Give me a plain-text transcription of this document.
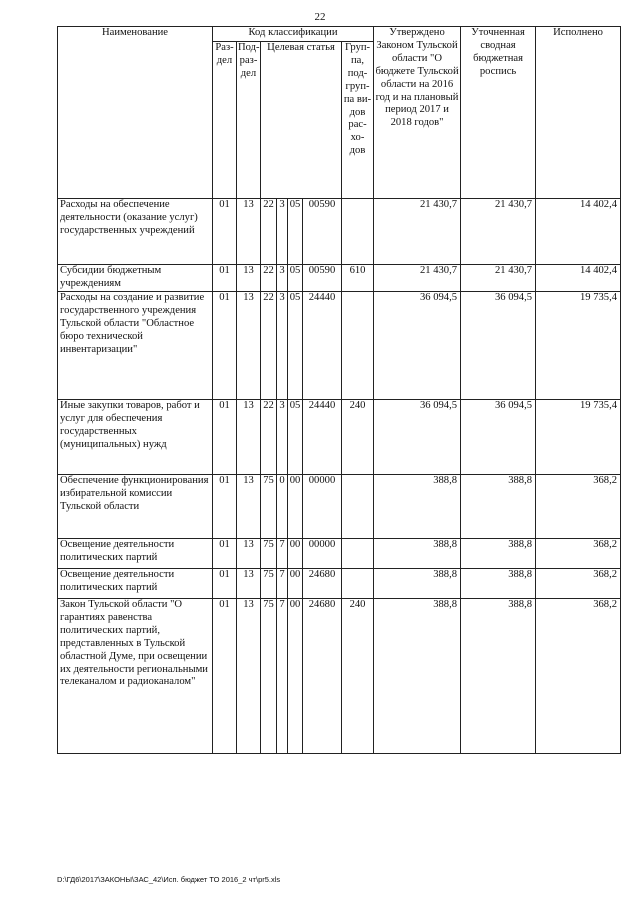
22
Наименование	Код классификации							Утверждено Законом Тульской области "О бюджете Тульской области на 2016 год и на плановый период 2017 и 2018 годов"	Уточненная сводная бюджетная роспись	Исполнено
	Раз-дел	Под-раз-дел	Целевая статья				Груп-па, под-груп-па ви-дов рас-хо-дов			
Расходы на обеспечение деятельности (оказание услуг) государственных учреждений	01	13	22	3	05	00590		21 430,7	21 430,7	14 402,4
Субсидии бюджетным учреждениям	01	13	22	3	05	00590	610	21 430,7	21 430,7	14 402,4
Расходы на создание и развитие государственного учреждения Тульской области "Областное бюро технической инвентаризации"	01	13	22	3	05	24440		36 094,5	36 094,5	19 735,4
Иные закупки товаров, работ и услуг для обеспечения государственных (муниципальных) нужд	01	13	22	3	05	24440	240	36 094,5	36 094,5	19 735,4
Обеспечение функционирования избирательной комиссии Тульской области	01	13	75	0	00	00000		388,8	388,8	368,2
Освещение деятельности политических партий	01	13	75	7	00	00000		388,8	388,8	368,2
Освещение деятельности политических партий	01	13	75	7	00	24680		388,8	388,8	368,2
Закон Тульской области "О гарантиях равенства политических партий, представленных в Тульской областной Думе, при освещении их деятельности региональными телеканалом и радиоканалом"	01	13	75	7	00	24680	240	388,8	388,8	368,2
D:\ГД6\2017\ЗАКОНЫ\ЗАС_42\Исп. бюджет ТО 2016_2 чт\pr5.xls
